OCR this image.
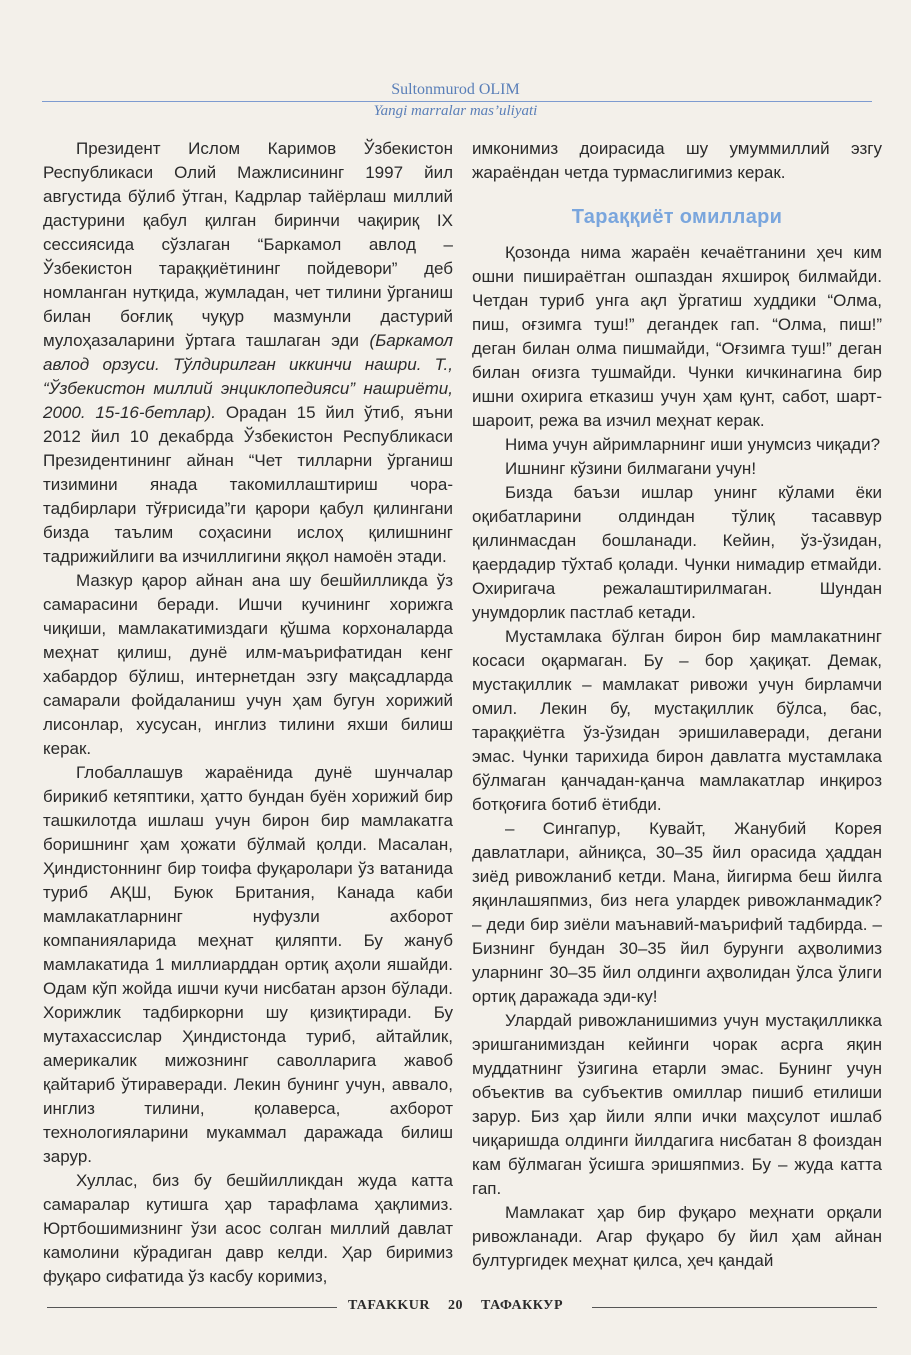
Sultonmurod OLIM
Yangi marralar mas’uliyati

Президент Ислом Каримов Ўзбекистон Республикаси Олий Мажлисининг 1997 йил августида бўлиб ўтган, Кадрлар тайёрлаш миллий дастурини қабул қилган биринчи чақириқ IX сессиясида сўзлаган “Баркамол авлод – Ўзбекистон тараққиётининг пойдевори” деб номланган нутқида, жумладан, чет тилини ўрганиш билан боғлиқ чуқур мазмунли дастурий мулоҳазаларини ўртага ташлаган эди (Баркамол авлод орзуси. Тўлдирилган иккинчи нашри. Т., “Ўзбекистон миллий энциклопедияси” нашриёти, 2000. 15-16-бетлар). Орадан 15 йил ўтиб, яъни 2012 йил 10 декабрда Ўзбекистон Республикаси Президентининг айнан “Чет тилларни ўрганиш тизимини янада такомиллаштириш чора-тадбирлари тўғрисида”ги қарори қабул қилингани бизда таълим соҳасини ислоҳ қилишнинг тадрижийлиги ва изчиллигини яққол намоён этади.

Мазкур қарор айнан ана шу бешйилликда ўз самарасини беради. Ишчи кучининг хорижга чиқиши, мамлакатимиздаги қўшма корхоналарда меҳнат қилиш, дунё илм-маърифатидан кенг хабардор бўлиш, интернетдан эзгу мақсадларда самарали фойдаланиш учун ҳам бугун хорижий лисонлар, хусусан, инглиз тилини яхши билиш керак.

Глобаллашув жараёнида дунё шунчалар бирикиб кетяптики, ҳатто бундан буён хорижий бир ташкилотда ишлаш учун бирон бир мамлакатга боришнинг ҳам ҳожати бўлмай қолди. Масалан, Ҳиндистоннинг бир тоифа фуқаролари ўз ватанида туриб АҚШ, Буюк Британия, Канада каби мамлакатларнинг нуфузли ахборот компанияларида меҳнат қиляпти. Бу жануб мамлакатида 1 миллиарддан ортиқ аҳоли яшайди. Одам кўп жойда ишчи кучи нисбатан арзон бўлади. Хорижлик тадбиркорни шу қизиқтиради. Бу мутахассислар Ҳиндистонда туриб, айтайлик, америкалик мижознинг саволларига жавоб қайтариб ўтираверади. Лекин бунинг учун, аввало, инглиз тилини, қолаверса, ахборот технологияларини мукаммал даражада билиш зарур.

Хуллас, биз бу бешйилликдан жуда катта самаралар кутишга ҳар тарафлама ҳақлимиз. Юртбошимизнинг ўзи асос солган миллий давлат камолини кўрадиган давр келди. Ҳар биримиз фуқаро сифатида ўз касбу коримиз,

имконимиз доирасида шу умуммиллий эзгу жараёндан четда турмаслигимиз керак.

Тараққиёт омиллари

Қозонда нима жараён кечаётганини ҳеч ким ошни пишираётган ошпаздан яхшироқ билмайди. Четдан туриб унга ақл ўргатиш худдики “Олма, пиш, оғзимга туш!” дегандек гап. “Олма, пиш!” деган билан олма пишмайди, “Оғзимга туш!” деган билан оғизга тушмайди. Чунки кичкинагина бир ишни охирига етказиш учун ҳам қунт, сабот, шарт-шароит, режа ва изчил меҳнат керак.

Нима учун айримларнинг иши унумсиз чиқади?

Ишнинг кўзини билмагани учун!

Бизда баъзи ишлар унинг кўлами ёки оқибатларини олдиндан тўлиқ тасаввур қилинмасдан бошланади. Кейин, ўз-ўзидан, қаердадир тўхтаб қолади. Чунки нимадир етмайди. Охиригача режалаштирилмаган. Шундан унумдорлик пастлаб кетади.

Мустамлака бўлган бирон бир мамлакатнинг косаси оқармаган. Бу – бор ҳақиқат. Демак, мустақиллик – мамлакат ривожи учун бирламчи омил. Лекин бу, мустақиллик бўлса, бас, тараққиётга ўз-ўзидан эришилаверади, дегани эмас. Чунки тарихида бирон давлатга мустамлака бўлмаган қанчадан-қанча мамлакатлар инқироз ботқоғига ботиб ётибди.

– Сингапур, Кувайт, Жанубий Корея давлатлари, айниқса, 30–35 йил орасида ҳаддан зиёд ривожланиб кетди. Мана, йигирма беш йилга яқинлашяпмиз, биз нега улардек ривожланмадик? – деди бир зиёли маънавий-маърифий тадбирда. – Бизнинг бундан 30–35 йил бурунги аҳволимиз уларнинг 30–35 йил олдинги аҳволидан ўлса ўлиги ортиқ даражада эди-ку!

Улардай ривожланишимиз учун мустақилликка эришганимиздан кейинги чорак асрга яқин муддатнинг ўзигина етарли эмас. Бунинг учун объектив ва субъектив омиллар пишиб етилиши зарур. Биз ҳар йили ялпи ички маҳсулот ишлаб чиқаришда олдинги йилдагига нисбатан 8 фоиздан кам бўлмаган ўсишга эришяпмиз. Бу – жуда катта гап.

Мамлакат ҳар бир фуқаро меҳнати орқали ривожланади. Агар фуқаро бу йил ҳам айнан бултургидек меҳнат қилса, ҳеч қандай

TAFAKKUR 20 ТАФАККУР
